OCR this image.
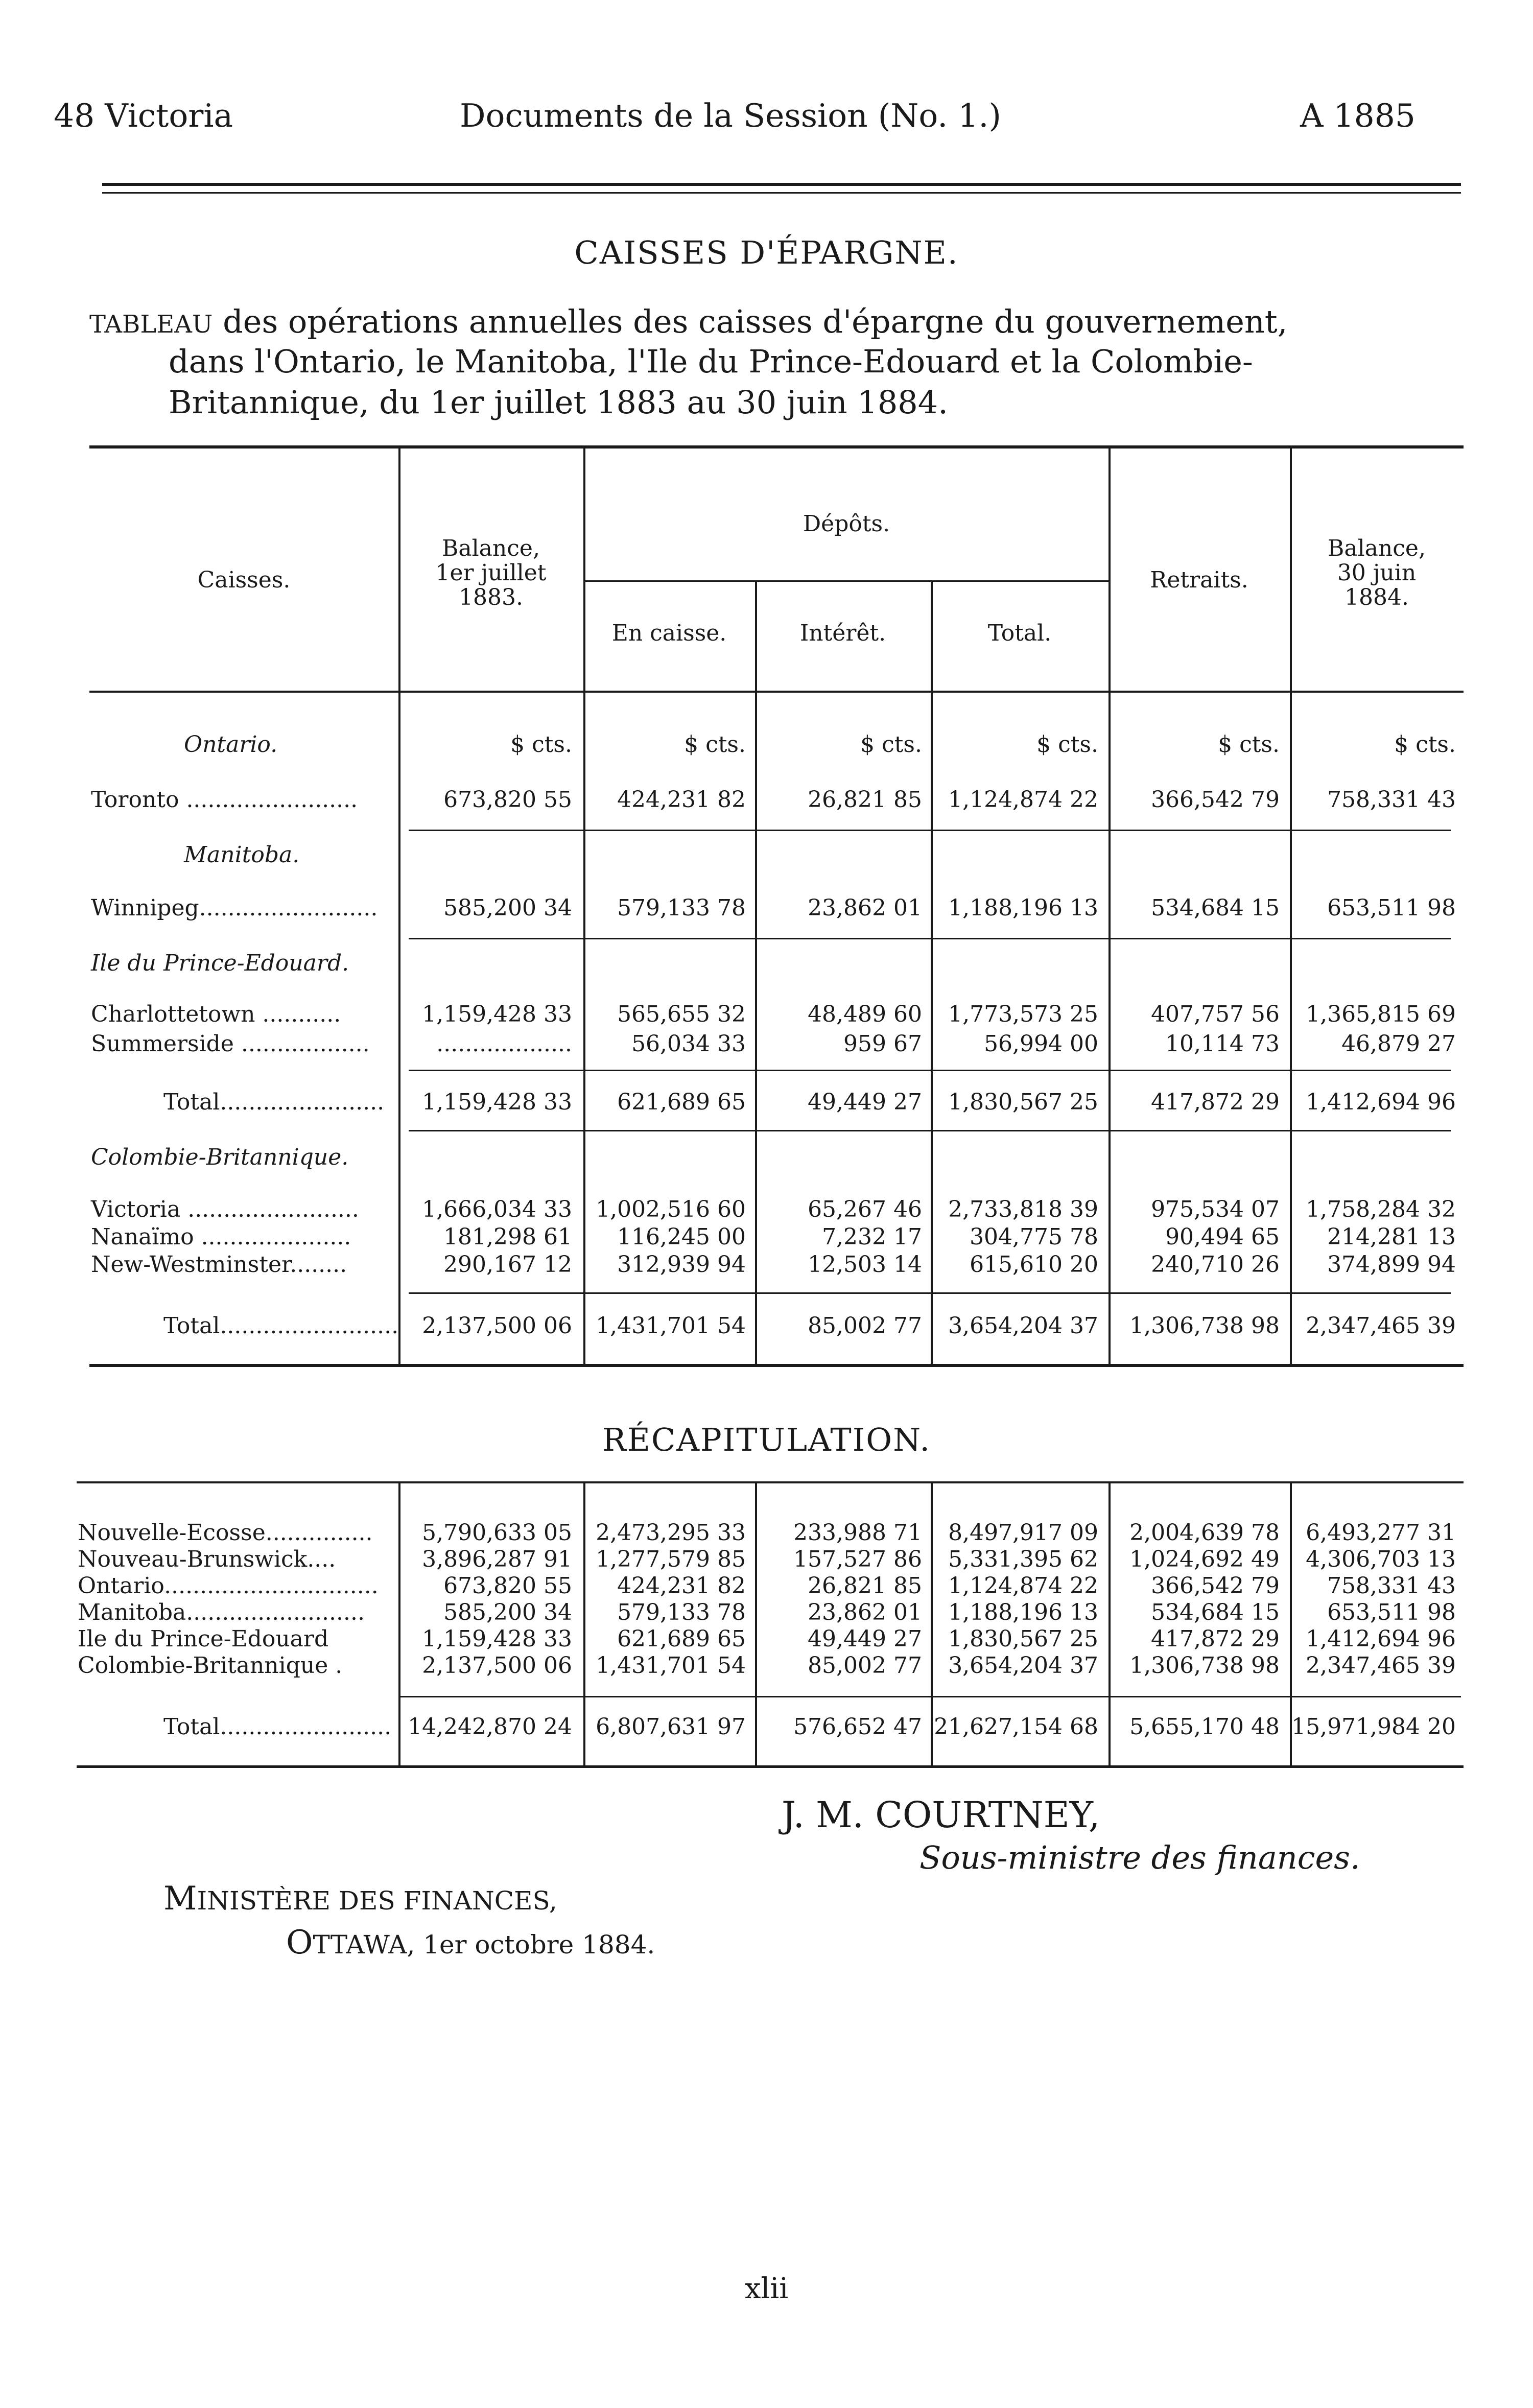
48 Victoria	Documents de la Session (No. 1.)	A 1885
CAISSES D'ÉPARGNE.
TABLEAU des opérations annuelles des caisses d'épargne du gouvernement,
dans l'Ontario, le Manitoba, l'Ile du Prince-Edouard et la Colombie-
Britannique, du 1er juillet 1883 au 30 juin 1884.
Caisses.
Balance,
1er juillet
1883.
Dépôts.
En caisse.	Intérêt.	Total.
Retraits.
Balance,
30 juin
1884.
Ontario.	$ cts.	$ cts.	$ cts.	$ cts.	$ cts.	$ cts.
Toronto ........................	673,820 55	424,231 82	26,821 85	1,124,874 22	366,542 79	758,331 43
Manitoba.
Winnipeg.........................	585,200 34	579,133 78	23,862 01	1,188,196 13	534,684 15	653,511 98
Ile du Prince-Edouard.
Charlottetown ...........	1,159,428 33	565,655 32	48,489 60	1,773,573 25	407,757 56	1,365,815 69
Summerside ..................	...................	56,034 33	959 67	56,994 00	10,114 73	46,879 27
Total.......................	1,159,428 33	621,689 65	49,449 27	1,830,567 25	417,872 29	1,412,694 96
Colombie-Britannique.
Victoria ........................	1,666,034 33	1,002,516 60	65,267 46	2,733,818 39	975,534 07	1,758,284 32
Nanaïmo .....................	181,298 61	116,245 00	7,232 17	304,775 78	90,494 65	214,281 13
New-Westminster........	290,167 12	312,939 94	12,503 14	615,610 20	240,710 26	374,899 94
Total.........................	2,137,500 06	1,431,701 54	85,002 77	3,654,204 37	1,306,738 98	2,347,465 39
RÉCAPITULATION.
Nouvelle-Ecosse...............	5,790,633 05	2,473,295 33	233,988 71	8,497,917 09	2,004,639 78	6,493,277 31
Nouveau-Brunswick....	3,896,287 91	1,277,579 85	157,527 86	5,331,395 62	1,024,692 49	4,306,703 13
Ontario..............................	673,820 55	424,231 82	26,821 85	1,124,874 22	366,542 79	758,331 43
Manitoba.........................	585,200 34	579,133 78	23,862 01	1,188,196 13	534,684 15	653,511 98
Ile du Prince-Edouard	1,159,428 33	621,689 65	49,449 27	1,830,567 25	417,872 29	1,412,694 96
Colombie-Britannique .	2,137,500 06	1,431,701 54	85,002 77	3,654,204 37	1,306,738 98	2,347,465 39
Total........................ 14,242,870 24	6,807,631 97	576,652 47 21,627,154 68	5,655,170 48 15,971,984 20
J. M. COURTNEY,
Sous-ministre des finances.
MINISTÈRE DES FINANCES,
OTTAWA, 1er octobre 1884.
xlii
